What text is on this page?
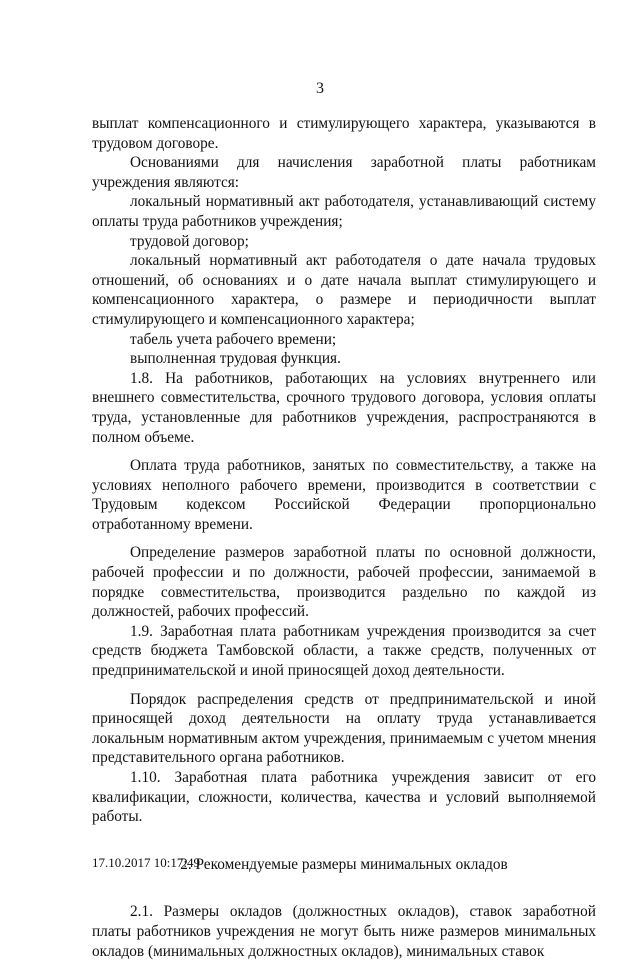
3

выплат компенсационного и стимулирующего характера, указываются в трудовом договоре.

Основаниями для начисления заработной платы работникам учреждения являются:

локальный нормативный акт работодателя, устанавливающий систему оплаты труда работников учреждения;

трудовой договор;

локальный нормативный акт работодателя о дате начала трудовых отношений, об основаниях и о дате начала выплат стимулирующего и компенсационного характера, о размере и периодичности выплат стимулирующего и компенсационного характера;

табель учета рабочего времени;

выполненная трудовая функция.

1.8. На работников, работающих на условиях внутреннего или внешнего совместительства, срочного трудового договора, условия оплаты труда, установленные для работников учреждения, распространяются в полном объеме.

Оплата труда работников, занятых по совместительству, а также на условиях неполного рабочего времени, производится в соответствии с Трудовым кодексом Российской Федерации пропорционально отработанному времени.

Определение размеров заработной платы по основной должности, рабочей профессии и по должности, рабочей профессии, занимаемой в порядке совместительства, производится раздельно по каждой из должностей, рабочих профессий.

1.9. Заработная плата работникам учреждения производится за счет средств бюджета Тамбовской области, а также средств, полученных от предпринимательской и иной приносящей доход деятельности.

Порядок распределения средств от предпринимательской и иной приносящей доход деятельности на оплату труда устанавливается локальным нормативным актом учреждения, принимаемым с учетом мнения представительного органа работников.

1.10. Заработная плата работника учреждения зависит от его квалификации, сложности, количества, качества и условий выполняемой работы.

2. Рекомендуемые размеры минимальных окладов

2.1. Размеры окладов (должностных окладов), ставок заработной платы работников учреждения не могут быть ниже размеров минимальных окладов (минимальных должностных окладов), минимальных ставок

17.10.2017 10:17:49
